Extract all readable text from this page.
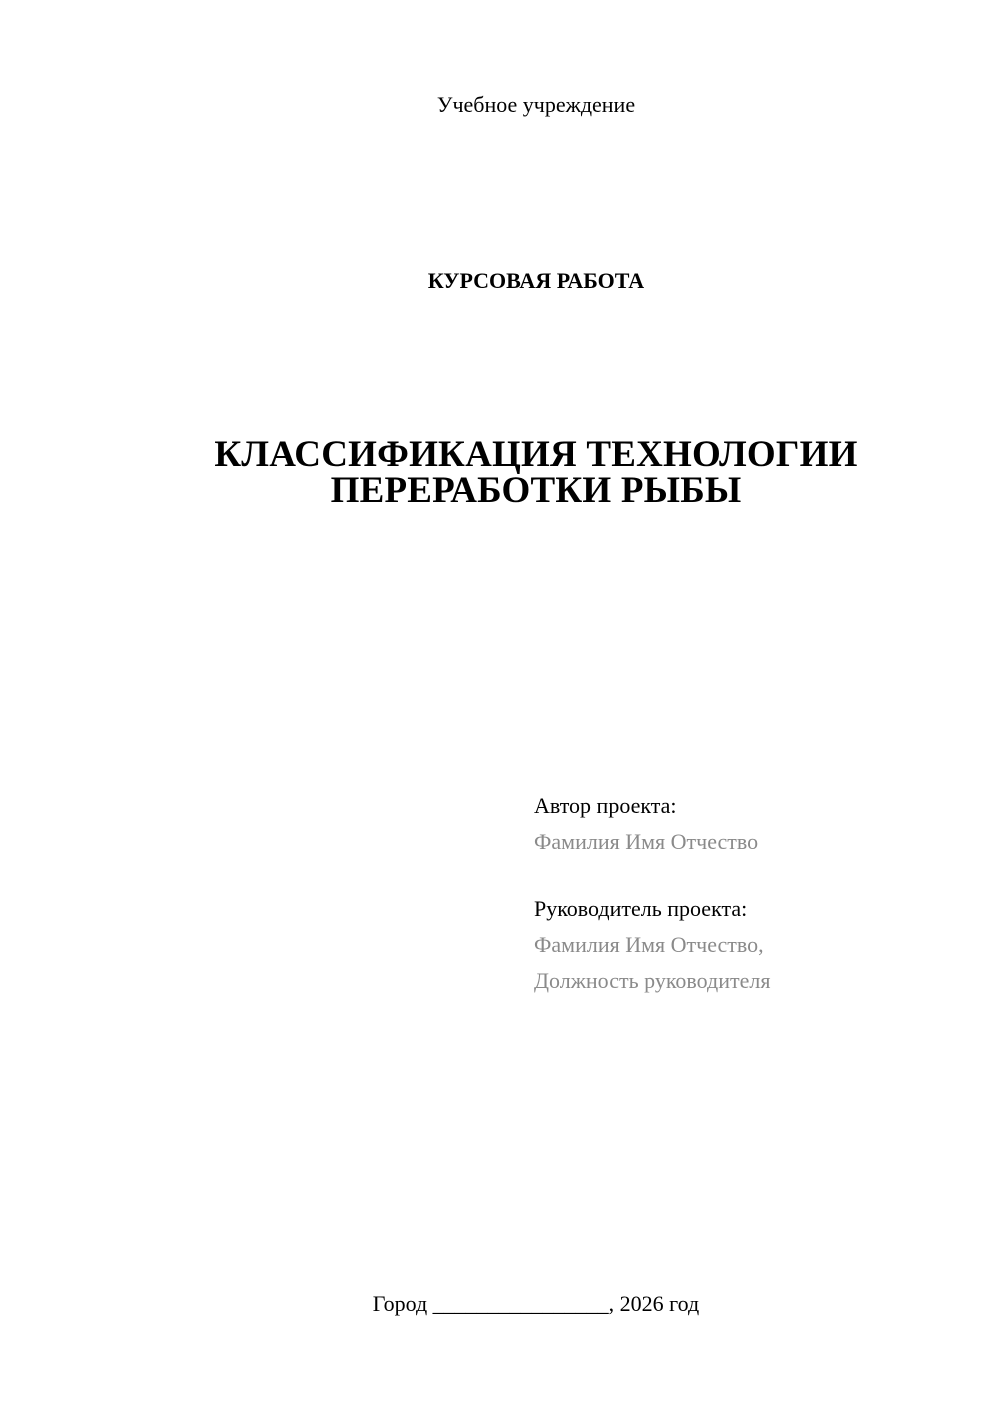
Учебное учреждение
КУРСОВАЯ РАБОТА
КЛАССИФИКАЦИЯ ТЕХНОЛОГИИ
ПЕРЕРАБОТКИ РЫБЫ
Автор проекта:
Фамилия Имя Отчество
Руководитель проекта:
Фамилия Имя Отчество,
Должность руководителя
Город ________________, 2026 год
